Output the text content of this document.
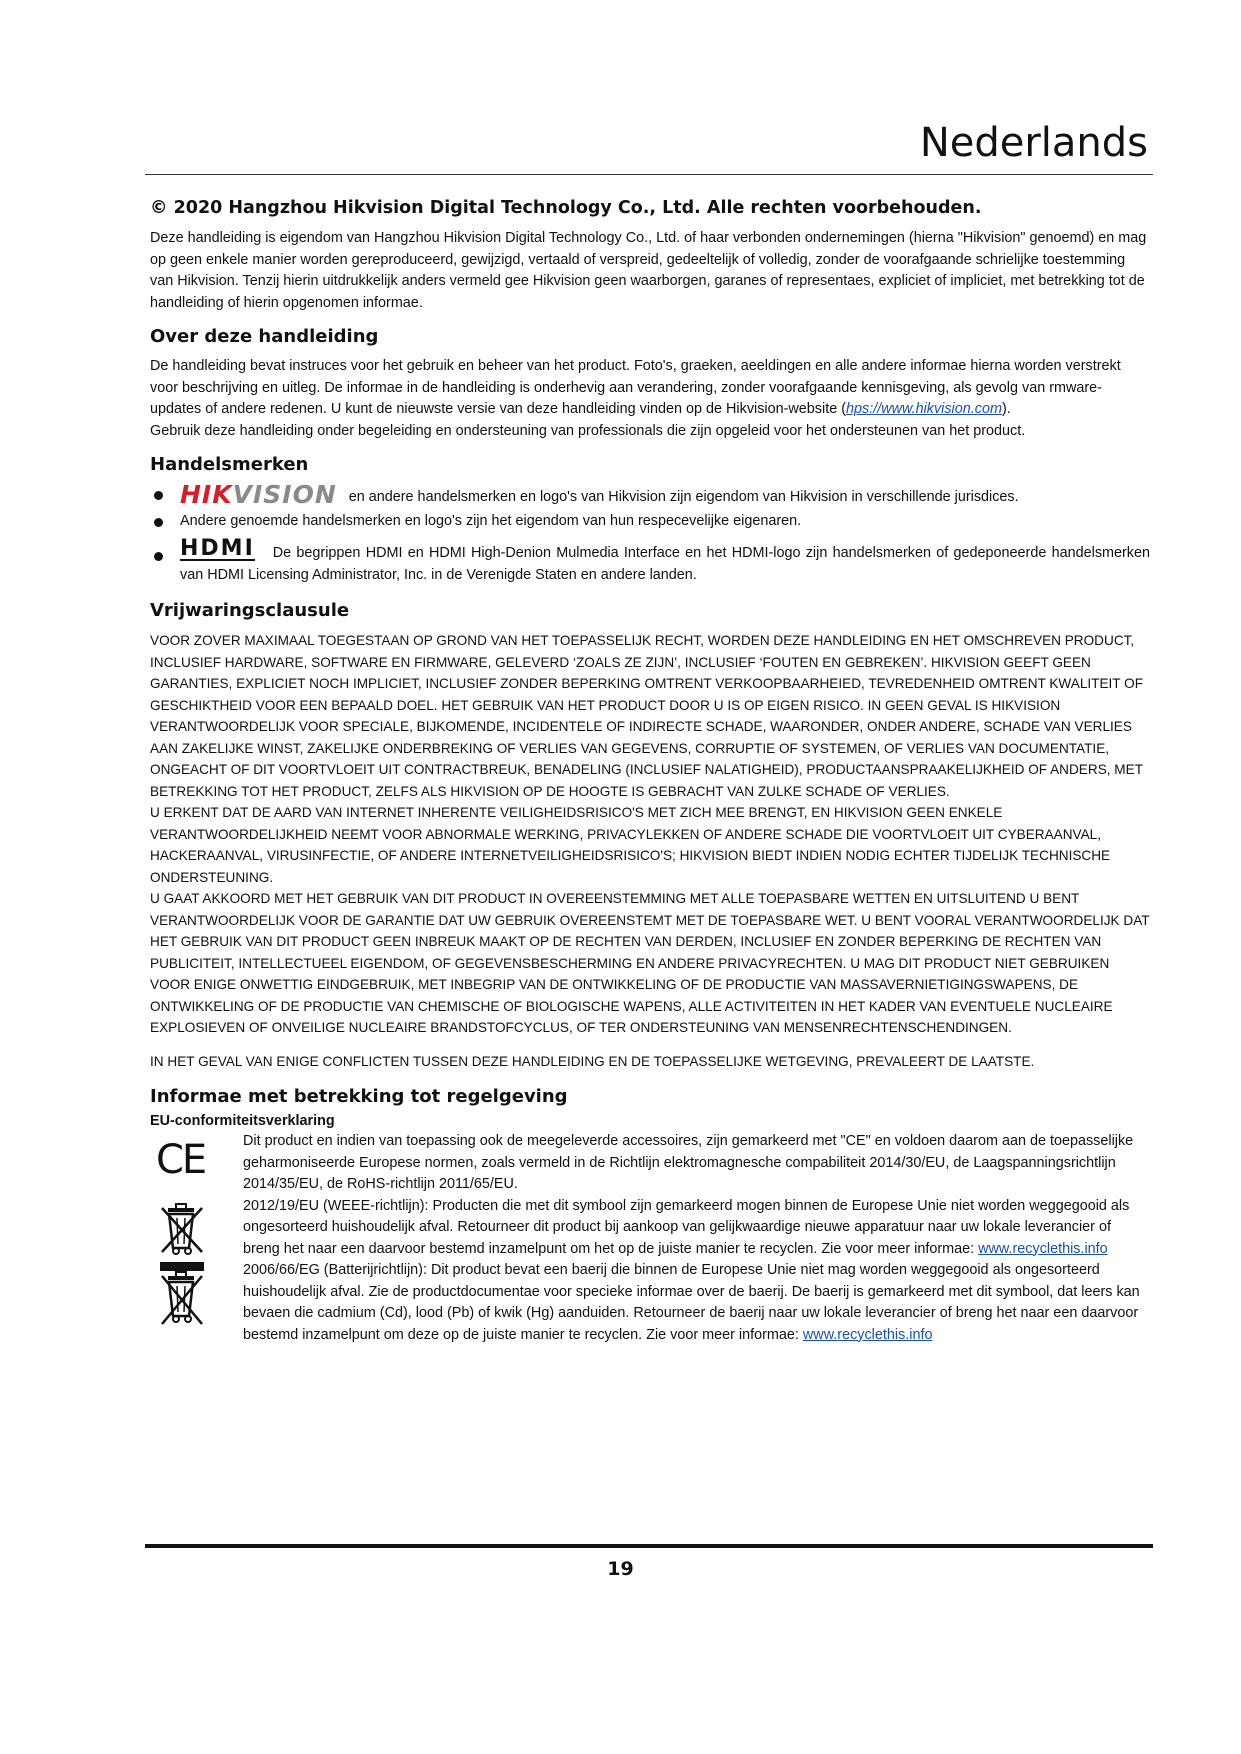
Nederlands
© 2020 Hangzhou Hikvision Digital Technology Co., Ltd. Alle rechten voorbehouden.

Deze handleiding is eigendom van Hangzhou Hikvision Digital Technology Co., Ltd. of haar verbonden ondernemingen (hierna "Hikvision" genoemd) en mag op geen enkele manier worden gereproduceerd, gewijzigd, vertaald of verspreid, gedeeltelijk of volledig, zonder de voorafgaande schrielijke toestemming van Hikvision. Tenzij hierin uitdrukkelijk anders vermeld gee Hikvision geen waarborgen, garanes of representaes, expliciet of impliciet, met betrekking tot de handleiding of hierin opgenomen informae.

Over deze handleiding

De handleiding bevat instruces voor het gebruik en beheer van het product. Foto's, graeken, aeeldingen en alle andere informae hierna worden verstrekt voor beschrijving en uitleg. De informae in de handleiding is onderhevig aan verandering, zonder voorafgaande kennisgeving, als gevolg van rmware-updates of andere redenen. U kunt de nieuwste versie van deze handleiding vinden op de Hikvision-website (hps://www.hikvision.com).

Gebruik deze handleiding onder begeleiding en ondersteuning van professionals die zijn opgeleid voor het ondersteunen van het product.

Handelsmerken
HIKVISION en andere handelsmerken en logo's van Hikvision zijn eigendom van Hikvision in verschillende jurisdices.
Andere genoemde handelsmerken en logo's zijn het eigendom van hun respecevelijke eigenaren.
HDMI De begrippen HDMI en HDMI High-Denion Mulmedia Interface en het HDMI-logo zijn handelsmerken of gedeponeerde handelsmerken van HDMI Licensing Administrator, Inc. in de Verenigde Staten en andere landen.
Vrijwaringsclausule

VOOR ZOVER MAXIMAAL TOEGESTAAN OP GROND VAN HET TOEPASSELIJK RECHT, WORDEN DEZE HANDLEIDING EN HET OMSCHREVEN PRODUCT, INCLUSIEF HARDWARE, SOFTWARE EN FIRMWARE, GELEVERD ‘ZOALS ZE ZIJN’, INCLUSIEF ‘FOUTEN EN GEBREKEN’. HIKVISION GEEFT GEEN GARANTIES, EXPLICIET NOCH IMPLICIET, INCLUSIEF ZONDER BEPERKING OMTRENT VERKOOPBAARHEIED, TEVREDENHEID OMTRENT KWALITEIT OF GESCHIKTHEID VOOR EEN BEPAALD DOEL. HET GEBRUIK VAN HET PRODUCT DOOR U IS OP EIGEN RISICO. IN GEEN GEVAL IS HIKVISION VERANTWOORDELIJK VOOR SPECIALE, BIJKOMENDE, INCIDENTELE OF INDIRECTE SCHADE, WAARONDER, ONDER ANDERE, SCHADE VAN VERLIES AAN ZAKELIJKE WINST, ZAKELIJKE ONDERBREKING OF VERLIES VAN GEGEVENS, CORRUPTIE OF SYSTEMEN, OF VERLIES VAN DOCUMENTATIE, ONGEACHT OF DIT VOORTVLOEIT UIT CONTRACTBREUK, BENADELING (INCLUSIEF NALATIGHEID), PRODUCTAANSPRAAKELIJKHEID OF ANDERS, MET BETREKKING TOT HET PRODUCT, ZELFS ALS HIKVISION OP DE HOOGTE IS GEBRACHT VAN ZULKE SCHADE OF VERLIES.

U ERKENT DAT DE AARD VAN INTERNET INHERENTE VEILIGHEIDSRISICO'S MET ZICH MEE BRENGT, EN HIKVISION GEEN ENKELE VERANTWOORDELIJKHEID NEEMT VOOR ABNORMALE WERKING, PRIVACYLEKKEN OF ANDERE SCHADE DIE VOORTVLOEIT UIT CYBERAANVAL, HACKERAANVAL, VIRUSINFECTIE, OF ANDERE INTERNETVEILIGHEIDSRISICO'S; HIKVISION BIEDT INDIEN NODIG ECHTER TIJDELIJK TECHNISCHE ONDERSTEUNING.

U GAAT AKKOORD MET HET GEBRUIK VAN DIT PRODUCT IN OVEREENSTEMMING MET ALLE TOEPASBARE WETTEN EN UITSLUITEND U BENT VERANTWOORDELIJK VOOR DE GARANTIE DAT UW GEBRUIK OVEREENSTEMT MET DE TOEPASBARE WET. U BENT VOORAL VERANTWOORDELIJK DAT HET GEBRUIK VAN DIT PRODUCT GEEN INBREUK MAAKT OP DE RECHTEN VAN DERDEN, INCLUSIEF EN ZONDER BEPERKING DE RECHTEN VAN PUBLICITEIT, INTELLECTUEEL EIGENDOM, OF GEGEVENSBESCHERMING EN ANDERE PRIVACYRECHTEN. U MAG DIT PRODUCT NIET GEBRUIKEN VOOR ENIGE ONWETTIG EINDGEBRUIK, MET INBEGRIP VAN DE ONTWIKKELING OF DE PRODUCTIE VAN MASSAVERNIETIGINGSWAPENS, DE ONTWIKKELING OF DE PRODUCTIE VAN CHEMISCHE OF BIOLOGISCHE WAPENS, ALLE ACTIVITEITEN IN HET KADER VAN EVENTUELE NUCLEAIRE EXPLOSIEVEN OF ONVEILIGE NUCLEAIRE BRANDSTOFCYCLUS, OF TER ONDERSTEUNING VAN MENSENRECHTENSCHENDINGEN.

IN HET GEVAL VAN ENIGE CONFLICTEN TUSSEN DEZE HANDLEIDING EN DE TOEPASSELIJKE WETGEVING, PREVALEERT DE LAATSTE.

Informae met betrekking tot regelgeving
EU-conformiteitsverklaring
CE	Dit product en indien van toepassing ook de meegeleverde accessoires, zijn gemarkeerd met "CE" en voldoen daarom aan de toepasselijke geharmoniseerde Europese normen, zoals vermeld in de Richtlijn elektromagnesche compabiliteit 2014/30/EU, de Laagspanningsrichtlijn 2014/35/EU, de RoHS-richtlijn 2011/65/EU.

2012/19/EU (WEEE-richtlijn): Producten die met dit symbool zijn gemarkeerd mogen binnen de Europese Unie niet worden weggegooid als ongesorteerd huishoudelijk afval. Retourneer dit product bij aankoop van gelijkwaardige nieuwe apparatuur naar uw lokale leverancier of breng het naar een daarvoor bestemd inzamelpunt om het op de juiste manier te recyclen. Zie voor meer informae: www.recyclethis.info

2006/66/EG (Batterijrichtlijn): Dit product bevat een baerij die binnen de Europese Unie niet mag worden weggegooid als ongesorteerd huishoudelijk afval. Zie de productdocumentae voor specieke informae over de baerij. De baerij is gemarkeerd met dit symbool, dat leers kan bevaen die cadmium (Cd), lood (Pb) of kwik (Hg) aanduiden. Retourneer de baerij naar uw lokale leverancier of breng het naar een daarvoor bestemd inzamelpunt om deze op de juiste manier te recyclen. Zie voor meer informae: www.recyclethis.info

19
